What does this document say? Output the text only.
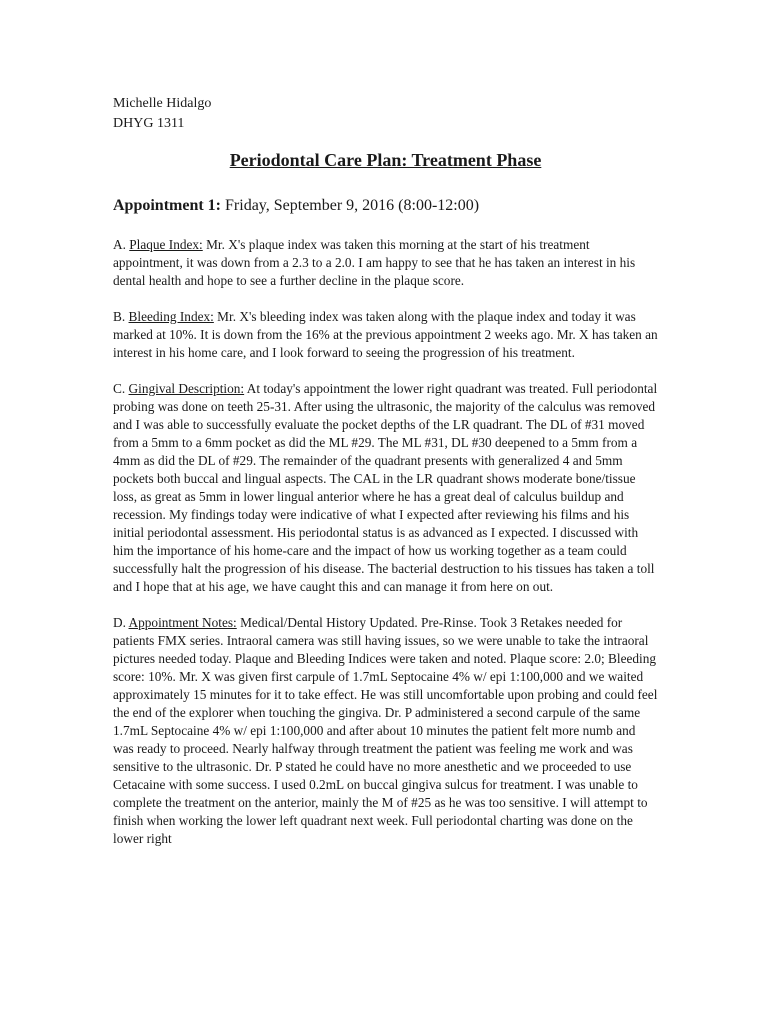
Michelle Hidalgo

DHYG 1311

Periodontal Care Plan: Treatment Phase

Appointment 1: Friday, September 9, 2016 (8:00-12:00)

A. Plaque Index: Mr. X's plaque index was taken this morning at the start of his treatment appointment, it was down from a 2.3 to a 2.0. I am happy to see that he has taken an interest in his dental health and hope to see a further decline in the plaque score.

B. Bleeding Index: Mr. X's bleeding index was taken along with the plaque index and today it was marked at 10%. It is down from the 16% at the previous appointment 2 weeks ago. Mr. X has taken an interest in his home care, and I look forward to seeing the progression of his treatment.

C. Gingival Description: At today's appointment the lower right quadrant was treated. Full periodontal probing was done on teeth 25-31. After using the ultrasonic, the majority of the calculus was removed and I was able to successfully evaluate the pocket depths of the LR quadrant. The DL of #31 moved from a 5mm to a 6mm pocket as did the ML #29. The ML #31, DL #30 deepened to a 5mm from a 4mm as did the DL of #29. The remainder of the quadrant presents with generalized 4 and 5mm pockets both buccal and lingual aspects. The CAL in the LR quadrant shows moderate bone/tissue loss, as great as 5mm in lower lingual anterior where he has a great deal of calculus buildup and recession. My findings today were indicative of what I expected after reviewing his films and his initial periodontal assessment. His periodontal status is as advanced as I expected. I discussed with him the importance of his home-care and the impact of how us working together as a team could successfully halt the progression of his disease. The bacterial destruction to his tissues has taken a toll and I hope that at his age, we have caught this and can manage it from here on out.

D. Appointment Notes: Medical/Dental History Updated. Pre-Rinse. Took 3 Retakes needed for patients FMX series. Intraoral camera was still having issues, so we were unable to take the intraoral pictures needed today. Plaque and Bleeding Indices were taken and noted. Plaque score: 2.0; Bleeding score: 10%. Mr. X was given first carpule of 1.7mL Septocaine 4% w/ epi 1:100,000 and we waited approximately 15 minutes for it to take effect. He was still uncomfortable upon probing and could feel the end of the explorer when touching the gingiva. Dr. P administered a second carpule of the same 1.7mL Septocaine 4% w/ epi 1:100,000 and after about 10 minutes the patient felt more numb and was ready to proceed. Nearly halfway through treatment the patient was feeling me work and was sensitive to the ultrasonic. Dr. P stated he could have no more anesthetic and we proceeded to use Cetacaine with some success. I used 0.2mL on buccal gingiva sulcus for treatment. I was unable to complete the treatment on the anterior, mainly the M of #25 as he was too sensitive. I will attempt to finish when working the lower left quadrant next week. Full periodontal charting was done on the lower right
